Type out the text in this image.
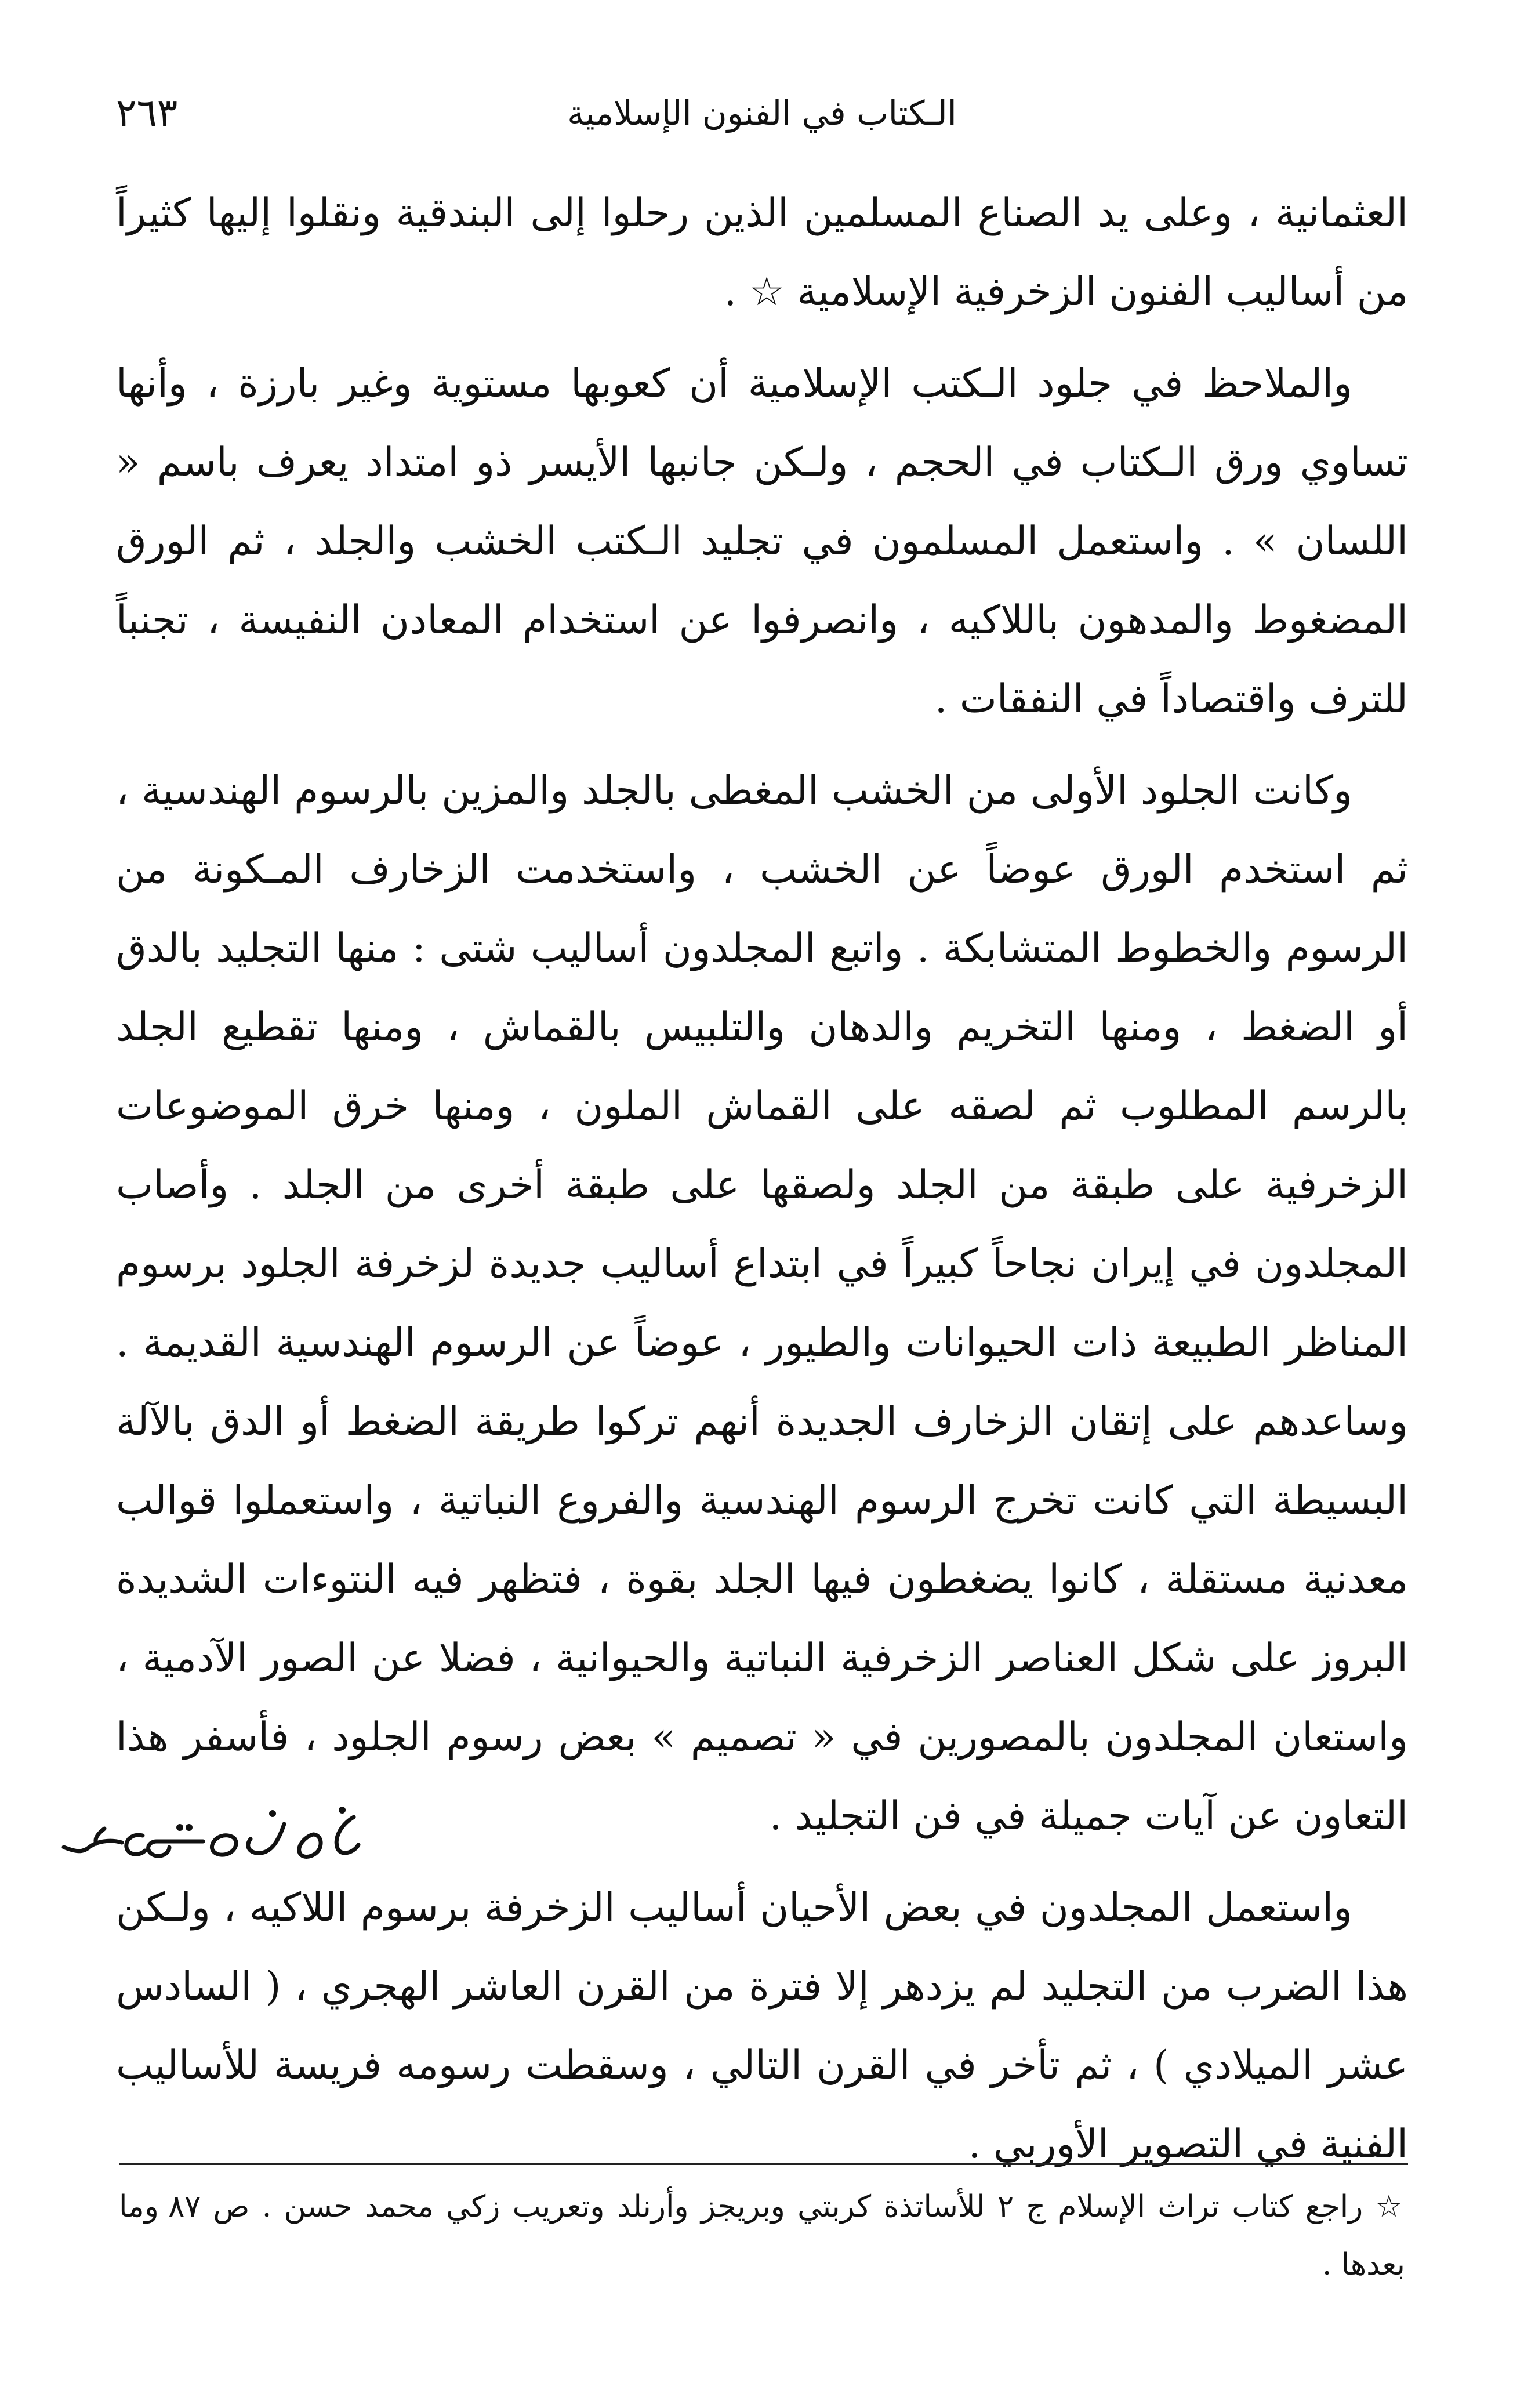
الـكتاب في الفنون الإسلامية
٢٦٣

العثمانية ، وعلى يد الصناع المسلمين الذين رحلوا إلى البندقية ونقلوا إليها كثيراً من أساليب الفنون الزخرفية الإسلامية ☆ .

والملاحظ في جلود الـكتب الإسلامية أن كعوبها مستوية وغير بارزة ، وأنها تساوي ورق الـكتاب في الحجم ، ولـكن جانبها الأيسر ذو امتداد يعرف باسم « اللسان » . واستعمل المسلمون في تجليد الـكتب الخشب والجلد ، ثم الورق المضغوط والمدهون باللاكيه ، وانصرفوا عن استخدام المعادن النفيسة ، تجنباً للترف واقتصاداً في النفقات .

وكانت الجلود الأولى من الخشب المغطى بالجلد والمزين بالرسوم الهندسية ، ثم استخدم الورق عوضاً عن الخشب ، واستخدمت الزخارف المـكونة من الرسوم والخطوط المتشابكة . واتبع المجلدون أساليب شتى : منها التجليد بالدق أو الضغط ، ومنها التخريم والدهان والتلبيس بالقماش ، ومنها تقطيع الجلد بالرسم المطلوب ثم لصقه على القماش الملون ، ومنها خرق الموضوعات الزخرفية على طبقة من الجلد ولصقها على طبقة أخرى من الجلد . وأصاب المجلدون في إيران نجاحاً كبيراً في ابتداع أساليب جديدة لزخرفة الجلود برسوم المناظر الطبيعة ذات الحيوانات والطيور ، عوضاً عن الرسوم الهندسية القديمة . وساعدهم على إتقان الزخارف الجديدة أنهم تركوا طريقة الضغط أو الدق بالآلة البسيطة التي كانت تخرج الرسوم الهندسية والفروع النباتية ، واستعملوا قوالب معدنية مستقلة ، كانوا يضغطون فيها الجلد بقوة ، فتظهر فيه النتوءات الشديدة البروز على شكل العناصر الزخرفية النباتية والحيوانية ، فضلا عن الصور الآدمية ، واستعان المجلدون بالمصورين في « تصميم » بعض رسوم الجلود ، فأسفر هذا التعاون عن آيات جميلة في فن التجليد .

واستعمل المجلدون في بعض الأحيان أساليب الزخرفة برسوم اللاكيه ، ولـكن هذا الضرب من التجليد لم يزدهر إلا فترة من القرن العاشر الهجري ، ( السادس عشر الميلادي ) ، ثم تأخر في القرن التالي ، وسقطت رسومه فريسة للأساليب الفنية في التصوير الأوربي .

☆ راجع كتاب تراث الإسلام ج ٢ للأساتذة كربتي وبريجز وأرنلد وتعريب زكي محمد حسن . ص ٨٧ وما بعدها .
